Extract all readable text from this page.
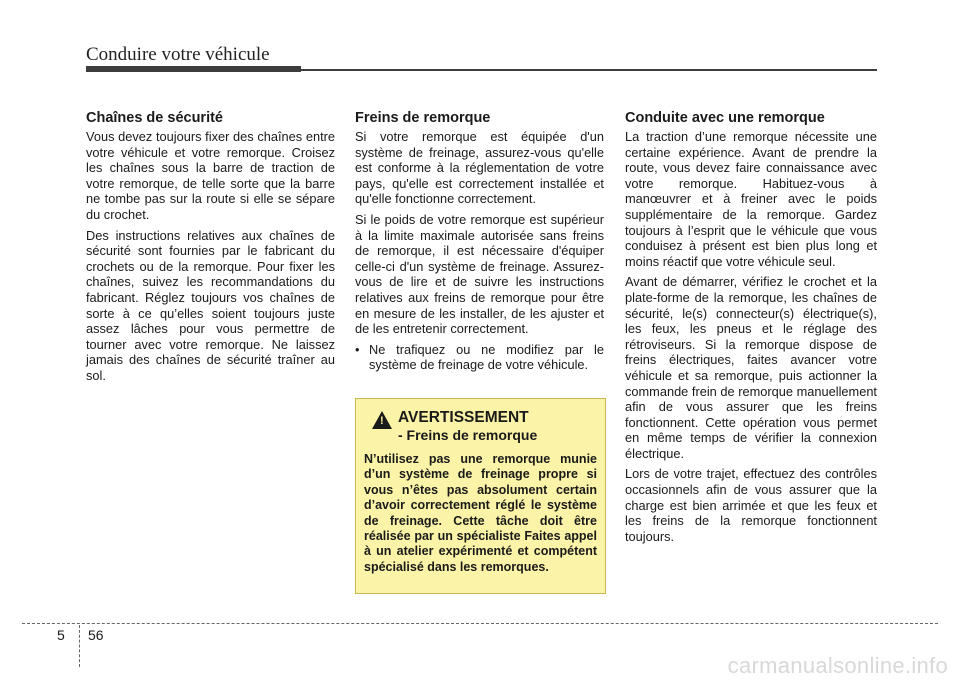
Conduire votre véhicule
Chaînes de sécurité

Vous devez toujours fixer des chaînes entre votre véhicule et votre remorque. Croisez les chaînes sous la barre de traction de votre remorque, de telle sorte que la barre ne tombe pas sur la route si elle se sépare du crochet.

Des instructions relatives aux chaînes de sécurité sont fournies par le fabricant du crochets ou de la remorque. Pour fixer les chaînes, suivez les recommandations du fabricant. Réglez toujours vos chaînes de sorte à ce qu’elles soient toujours juste assez lâches pour vous permettre de tourner avec votre remorque. Ne laissez jamais des chaînes de sécurité traîner au sol.

Freins de remorque

Si votre remorque est équipée d'un système de freinage, assurez-vous qu'elle est conforme à la réglementation de votre pays, qu'elle est correctement installée et qu'elle fonctionne correctement.

Si le poids de votre remorque est supérieur à la limite maximale autorisée sans freins de remorque, il est nécessaire d'équiper celle-ci d'un système de freinage. Assurez-vous de lire et de suivre les instructions relatives aux freins de remorque pour être en mesure de les installer, de les ajuster et de les entretenir correctement.

• Ne trafiquez ou ne modifiez par le système de freinage de votre véhicule.
! AVERTISSEMENT
- Freins de remorque
N’utilisez pas une remorque munie d’un système de freinage propre si vous n’êtes pas absolument certain d’avoir correctement réglé le système de freinage. Cette tâche doit être réalisée par un spécialiste Faites appel à un atelier expérimenté et compétent spécialisé dans les remorques.
Conduite avec une remorque

La traction d’une remorque nécessite une certaine expérience. Avant de prendre la route, vous devez faire connaissance avec votre remorque. Habituez-vous à manœuvrer et à freiner avec le poids supplémentaire de la remorque. Gardez toujours à l’esprit que le véhicule que vous conduisez à présent est bien plus long et moins réactif que votre véhicule seul.

Avant de démarrer, vérifiez le crochet et la plate-forme de la remorque, les chaînes de sécurité, le(s) connecteur(s) électrique(s), les feux, les pneus et le réglage des rétroviseurs. Si la remorque dispose de freins électriques, faites avancer votre véhicule et sa remorque, puis actionner la commande frein de remorque manuellement afin de vous assurer que les freins fonctionnent. Cette opération vous permet en même temps de vérifier la connexion électrique.

Lors de votre trajet, effectuez des contrôles occasionnels afin de vous assurer que la charge est bien arrimée et que les feux et les freins de la remorque fonctionnent toujours.

5 56
carmanualsonline.info
